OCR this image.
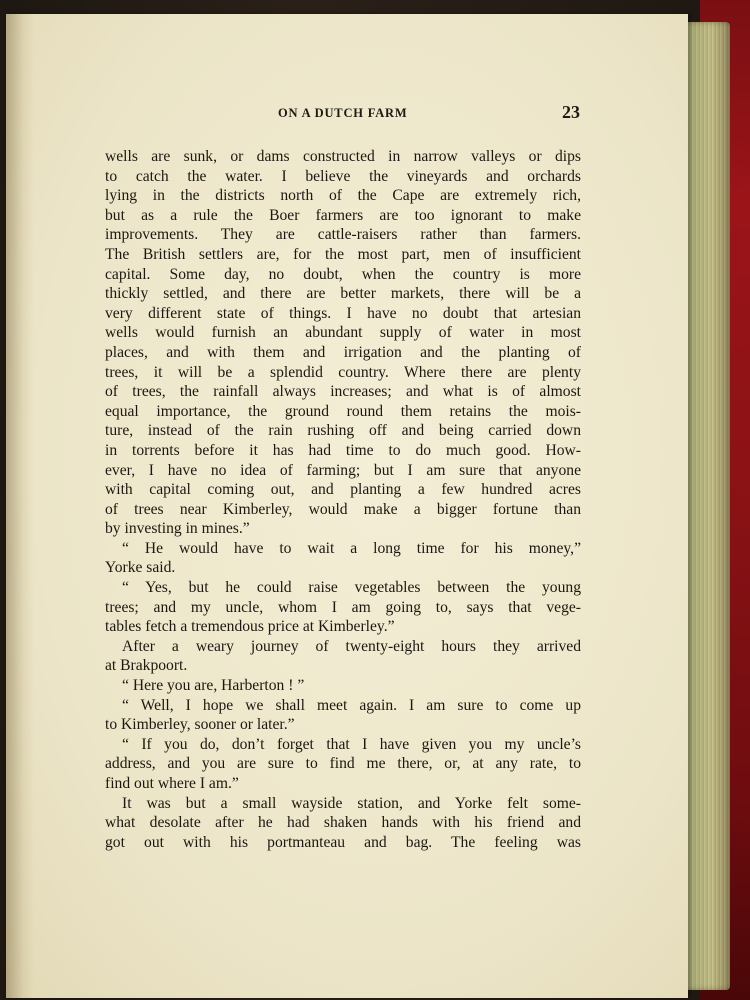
ON A DUTCH FARM	23
wells are sunk, or dams constructed in narrow valleys or dips
to catch the water. I believe the vineyards and orchards
lying in the districts north of the Cape are extremely rich,
but as a rule the Boer farmers are too ignorant to make
improvements. They are cattle-raisers rather than farmers.
The British settlers are, for the most part, men of insufficient
capital. Some day, no doubt, when the country is more
thickly settled, and there are better markets, there will be a
very different state of things. I have no doubt that artesian
wells would furnish an abundant supply of water in most
places, and with them and irrigation and the planting of
trees, it will be a splendid country. Where there are plenty
of trees, the rainfall always increases; and what is of almost
equal importance, the ground round them retains the mois-
ture, instead of the rain rushing off and being carried down
in torrents before it has had time to do much good. How-
ever, I have no idea of farming; but I am sure that anyone
with capital coming out, and planting a few hundred acres
of trees near Kimberley, would make a bigger fortune than
by investing in mines.”
“ He would have to wait a long time for his money,”
Yorke said.
“ Yes, but he could raise vegetables between the young
trees; and my uncle, whom I am going to, says that vege-
tables fetch a tremendous price at Kimberley.”
After a weary journey of twenty-eight hours they arrived
at Brakpoort.
“ Here you are, Harberton ! ”
“ Well, I hope we shall meet again. I am sure to come up
to Kimberley, sooner or later.”
“ If you do, don’t forget that I have given you my uncle’s
address, and you are sure to find me there, or, at any rate, to
find out where I am.”
It was but a small wayside station, and Yorke felt some-
what desolate after he had shaken hands with his friend and
got out with his portmanteau and bag. The feeling was
